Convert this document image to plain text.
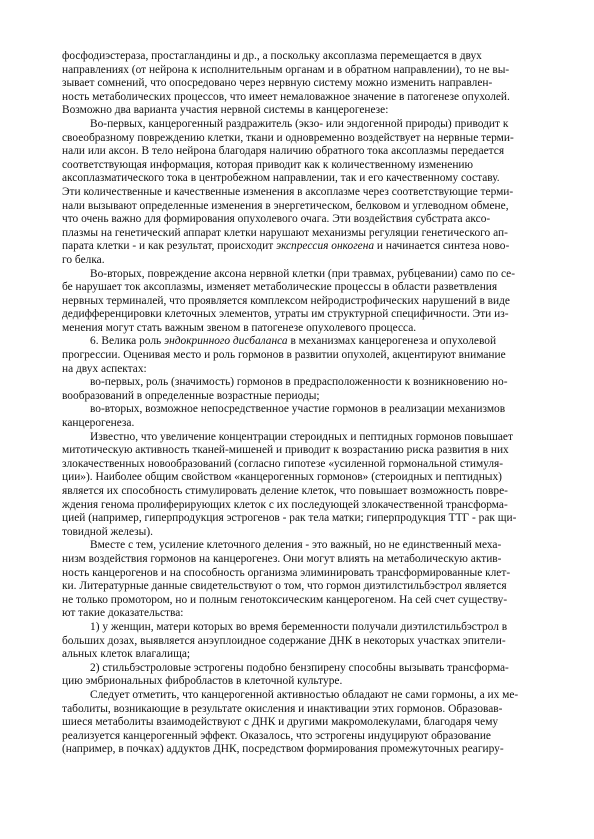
фосфодиэстераза, простагландины и др., а поскольку аксоплазма перемещается в двух
направлениях (от нейрона к исполнительным органам и в обратном направлении), то не вы-
зывает сомнений, что опосредовано через нервную систему можно изменить направлен-
ность метаболических процессов, что имеет немаловажное значение в патогенезе опухолей.
Возможно два варианта участия нервной системы в канцерогенезе:
Во-первых, канцерогенный раздражитель (экзо- или эндогенной природы) приводит к
своеобразному повреждению клетки, ткани и одновременно воздействует на нервные терми-
нали или аксон. В тело нейрона благодаря наличию обратного тока аксоплазмы передается
соответствующая информация, которая приводит как к количественному изменению
аксоплазматического тока в центробежном направлении, так и его качественному составу.
Эти количественные и качественные изменения в аксоплазме через соответствующие терми-
нали вызывают определенные изменения в энергетическом, белковом и углеводном обмене,
что очень важно для формирования опухолевого очага. Эти воздействия субстрата аксо-
плазмы на генетический аппарат клетки нарушают механизмы регуляции генетического ап-
парата клетки - и как результат, происходит экспрессия онкогена и начинается синтеза ново-
го белка.
Во-вторых, повреждение аксона нервной клетки (при травмах, рубцевании) само по се-
бе нарушает ток аксоплазмы, изменяет метаболические процессы в области разветвления
нервных терминалей, что проявляется комплексом нейродистрофических нарушений в виде
дедифференцировки клеточных элементов, утраты им структурной специфичности. Эти из-
менения могут стать важным звеном в патогенезе опухолевого процесса.
6. Велика роль эндокринного дисбаланса в механизмах канцерогенеза и опухолевой
прогрессии. Оценивая место и роль гормонов в развитии опухолей, акцентируют внимание
на двух аспектах:
во-первых, роль (значимость) гормонов в предрасположенности к возникновению но-
вообразований в определенные возрастные периоды;
во-вторых, возможное непосредственное участие гормонов в реализации механизмов
канцерогенеза.
Известно, что увеличение концентрации стероидных и пептидных гормонов повышает
митотическую активность тканей-мишеней и приводит к возрастанию риска развития в них
злокачественных новообразований (согласно гипотезе «усиленной гормональной стимуля-
ции»). Наиболее общим свойством «канцерогенных гормонов» (стероидных и пептидных)
является их способность стимулировать деление клеток, что повышает возможность повре-
ждения генома пролиферирующих клеток с их последующей злокачественной трансформа-
цией (например, гиперпродукция эстрогенов - рак тела матки; гиперпродукция ТТГ - рак щи-
товидной железы).
Вместе с тем, усиление клеточного деления - это важный, но не единственный меха-
низм воздействия гормонов на канцерогенез. Они могут влиять на метаболическую актив-
ность канцерогенов и на способность организма элиминировать трансформированные клет-
ки. Литературные данные свидетельствуют о том, что гормон диэтилстильбэстрол является
не только промотором, но и полным генотоксическим канцерогеном. На сей счет существу-
ют такие доказательства:
1) у женщин, матери которых во время беременности получали диэтилстильбэстрол в
больших дозах, выявляется анэуплоидное содержание ДНК в некоторых участках эпители-
альных клеток влагалища;
2) стильбэстроловые эстрогены подобно бензпирену способны вызывать трансформа-
цию эмбриональных фибробластов в клеточной культуре.
Следует отметить, что канцерогенной активностью обладают не сами гормоны, а их ме-
таболиты, возникающие в результате окисления и инактивации этих гормонов. Образовав-
шиеся метаболиты взаимодействуют с ДНК и другими макромолекулами, благодаря чему
реализуется канцерогенный эффект. Оказалось, что эстрогены индуцируют образование
(например, в почках) аддуктов ДНК, посредством формирования промежуточных реагиру-
